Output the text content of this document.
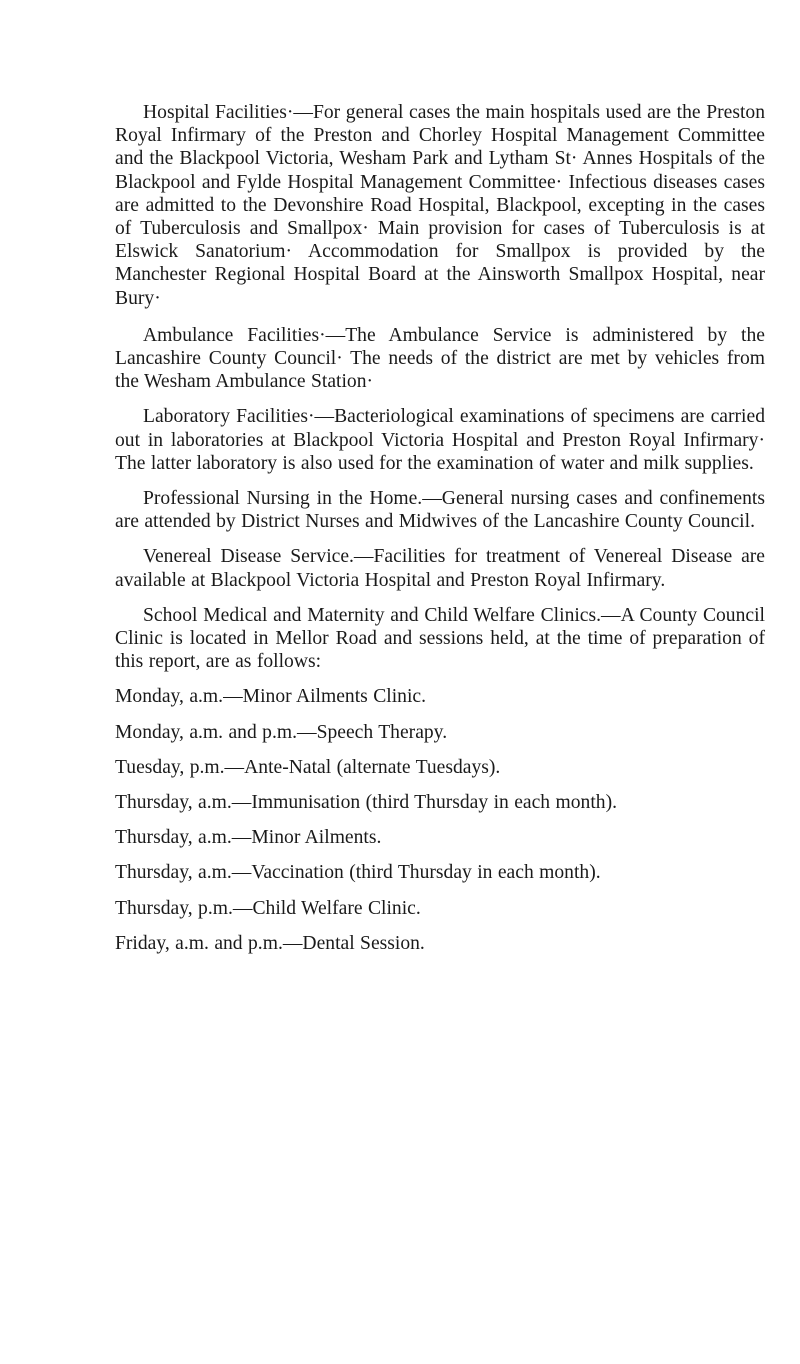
Hospital Facilities·—For general cases the main hospitals used are the Preston Royal Infirmary of the Preston and Chorley Hospital Management Committee and the Blackpool Victoria, Wesham Park and Lytham St· Annes Hospitals of the Blackpool and Fylde Hospital Management Committee· Infectious diseases cases are admitted to the Devonshire Road Hospital, Blackpool, excepting in the cases of Tuberculosis and Smallpox· Main provision for cases of Tuberculosis is at Elswick Sanatorium· Accommodation for Smallpox is provided by the Manchester Regional Hospital Board at the Ainsworth Smallpox Hospital, near Bury·

Ambulance Facilities·—The Ambulance Service is administered by the Lancashire County Council· The needs of the district are met by vehicles from the Wesham Ambulance Station·

Laboratory Facilities·—Bacteriological examinations of specimens are carried out in laboratories at Blackpool Victoria Hospital and Preston Royal Infirmary· The latter laboratory is also used for the examination of water and milk supplies.

Professional Nursing in the Home.—General nursing cases and confinements are attended by District Nurses and Midwives of the Lancashire County Council.

Venereal Disease Service.—Facilities for treatment of Venereal Disease are available at Blackpool Victoria Hospital and Preston Royal Infirmary.

School Medical and Maternity and Child Welfare Clinics.—A County Council Clinic is located in Mellor Road and sessions held, at the time of preparation of this report, are as follows:

Monday, a.m.—Minor Ailments Clinic.
Monday, a.m. and p.m.—Speech Therapy.
Tuesday, p.m.—Ante-Natal (alternate Tuesdays).
Thursday, a.m.—Immunisation (third Thursday in each month).
Thursday, a.m.—Minor Ailments.
Thursday, a.m.—Vaccination (third Thursday in each month).
Thursday, p.m.—Child Welfare Clinic.
Friday, a.m. and p.m.—Dental Session.
